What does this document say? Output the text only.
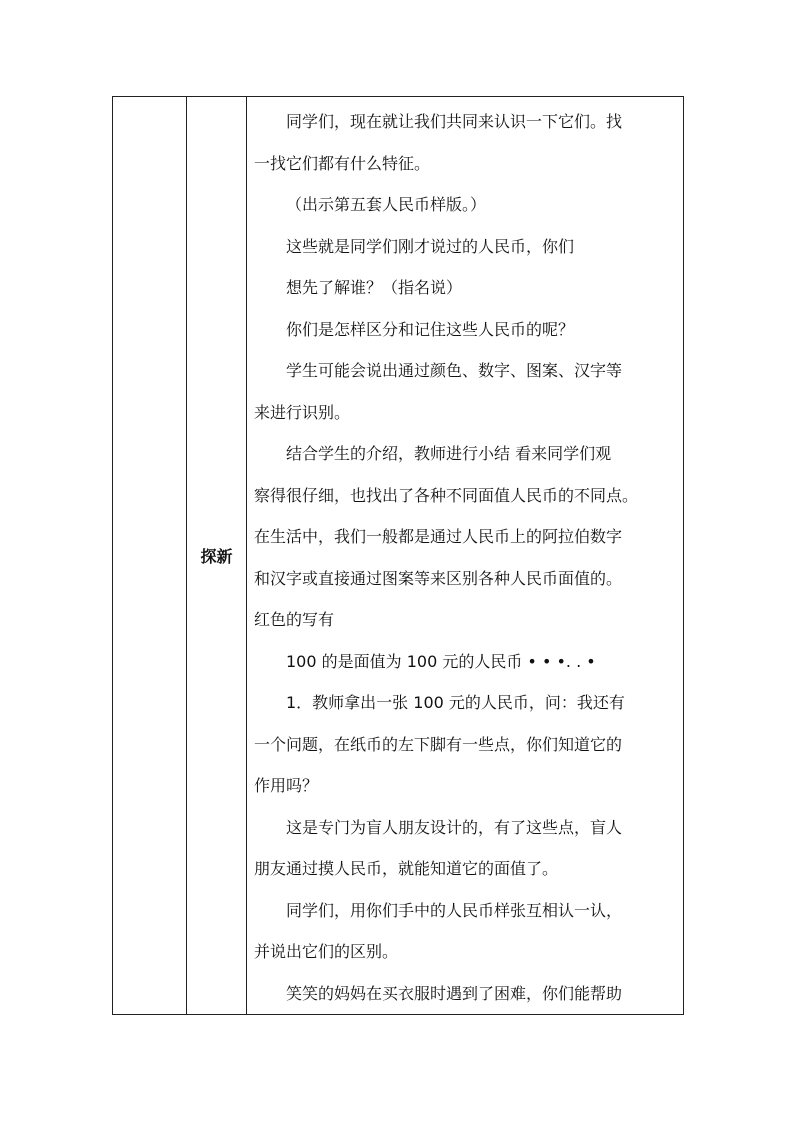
	探新	
同学们，现在就让我们共同来认识一下它们。找
一找它们都有什么特征。
（出示第五套人民币样版。）
这些就是同学们刚才说过的人民币，你们
想先了解谁？（指名说）
你们是怎样区分和记住这些人民币的呢？
学生可能会说出通过颜色、数字、图案、汉字等
来进行识别。
结合学生的介绍，教师进行小结 看来同学们观
察得很仔细，也找出了各种不同面值人民币的不同点。
在生活中，我们一般都是通过人民币上的阿拉伯数字
和汉字或直接通过图案等来区别各种人民币面值的。
红色的写有
100 的是面值为 100 元的人民币 • • •. . •
1．教师拿出一张 100 元的人民币，问：我还有
一个问题，在纸币的左下脚有一些点，你们知道它的
作用吗？
这是专门为盲人朋友设计的，有了这些点，盲人
朋友通过摸人民币，就能知道它的面值了。
同学们，用你们手中的人民币样张互相认一认，
并说出它们的区别。
笑笑的妈妈在买衣服时遇到了困难，你们能帮助
